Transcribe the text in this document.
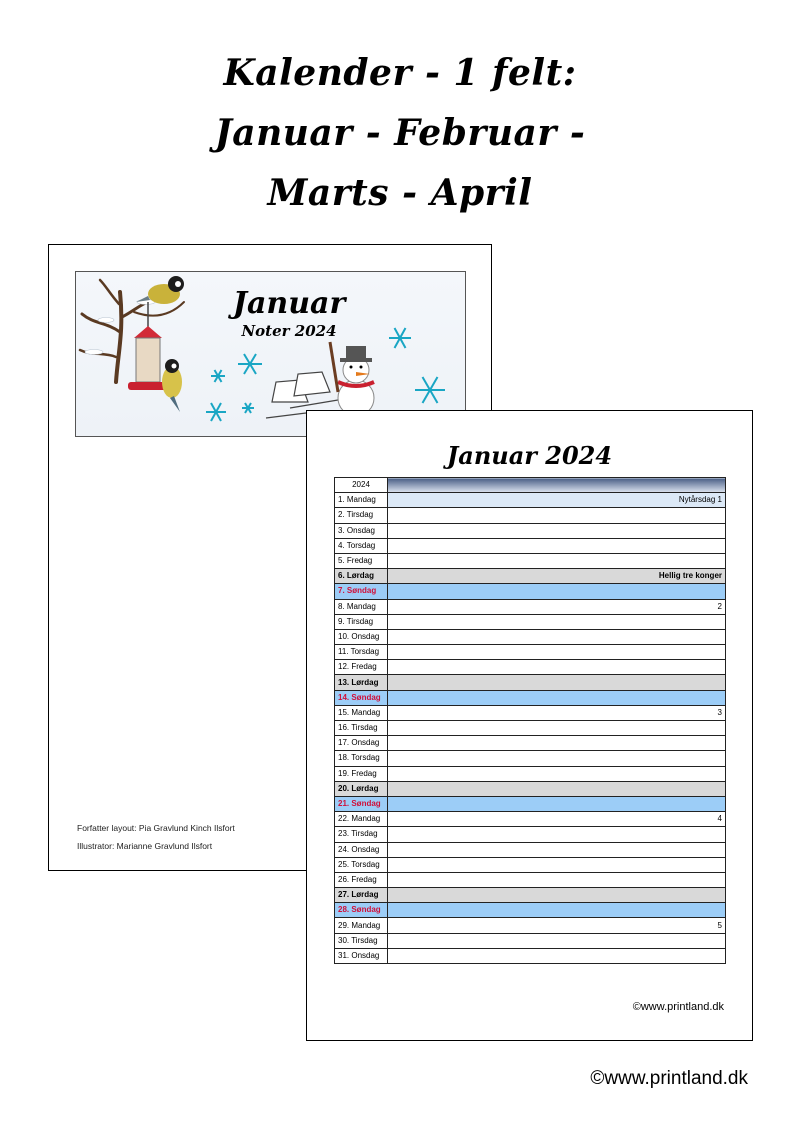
Kalender - 1 felt:
Januar - Februar -
Marts - April
Januar
Noter 2024
Forfatter layout: Pia Gravlund Kinch Ilsfort
Illustrator: Marianne Gravlund Ilsfort
Januar 2024
2024	
1. Mandag	Nytårsdag 1
2. Tirsdag	
3. Onsdag	
4. Torsdag	
5. Fredag	
6. Lørdag	Hellig tre konger
7. Søndag	
8. Mandag	2
9. Tirsdag	
10. Onsdag	
11. Torsdag	
12. Fredag	
13. Lørdag	
14. Søndag	
15. Mandag	3
16. Tirsdag	
17. Onsdag	
18. Torsdag	
19. Fredag	
20. Lørdag	
21. Søndag	
22. Mandag	4
23. Tirsdag	
24. Onsdag	
25. Torsdag	
26. Fredag	
27. Lørdag	
28. Søndag	
29. Mandag	5
30. Tirsdag	
31. Onsdag	
©www.printland.dk
©www.printland.dk
